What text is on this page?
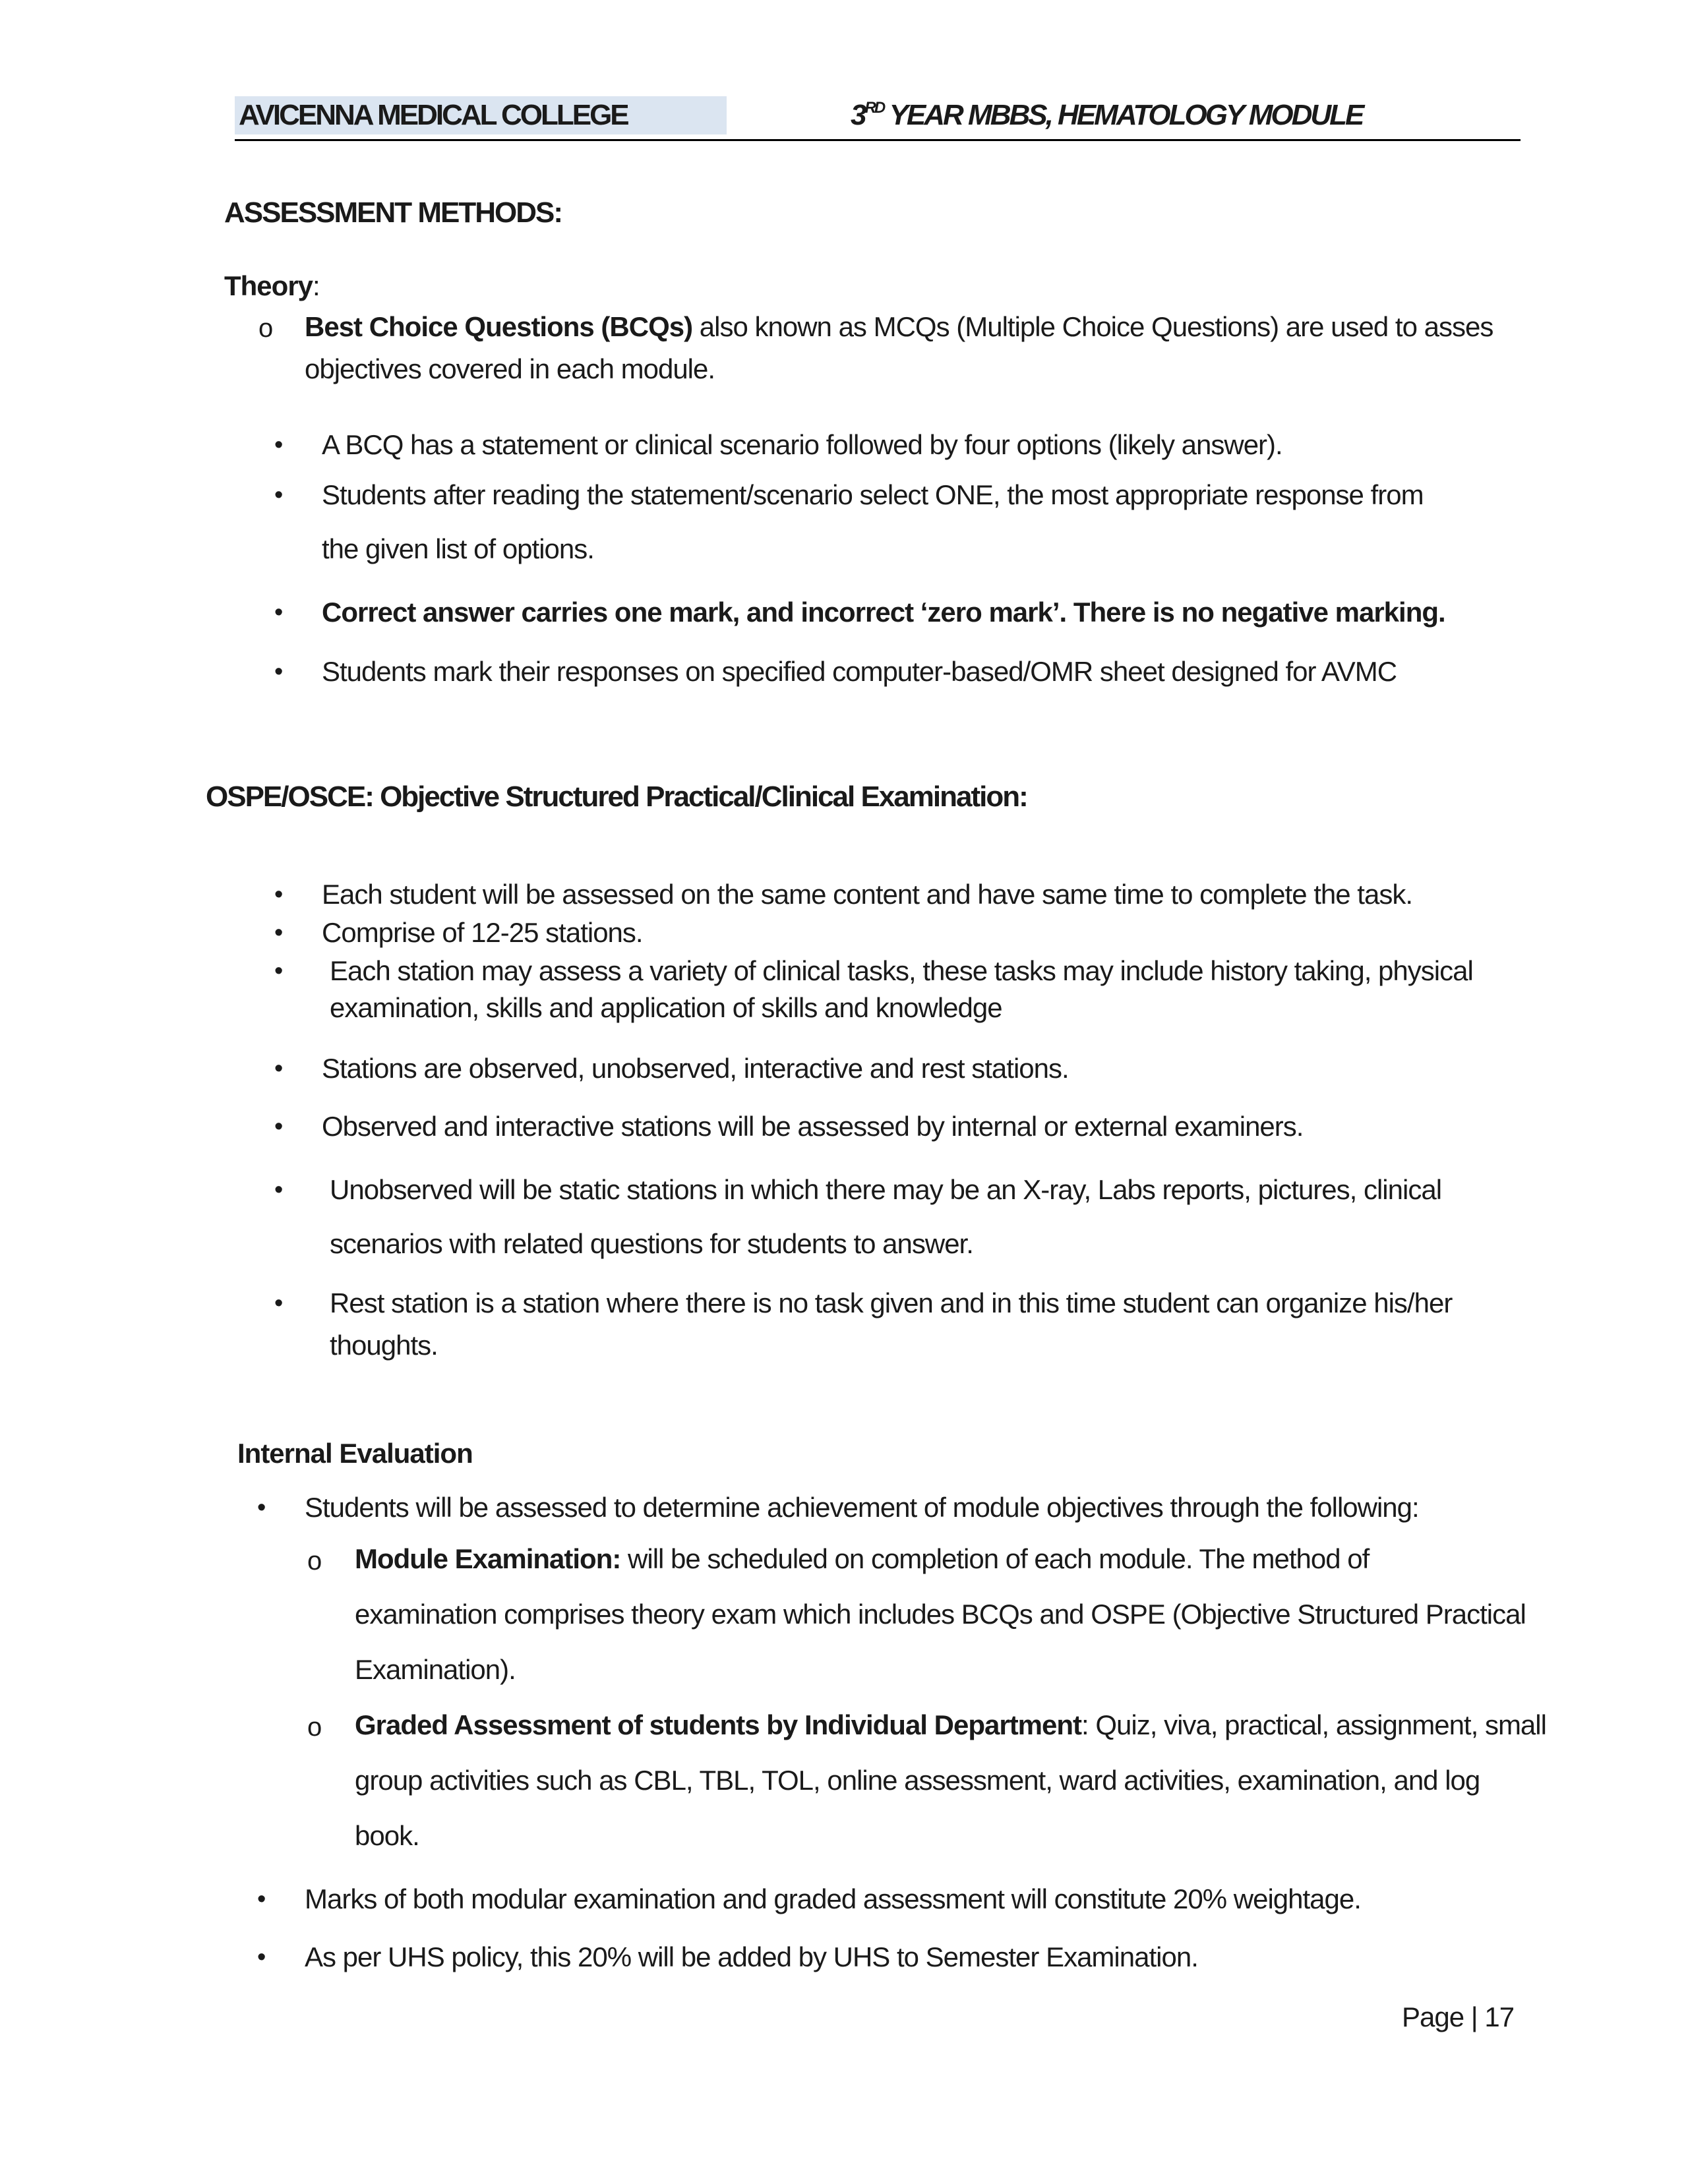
AVICENNA MEDICAL COLLEGE	3RD YEAR MBBS, HEMATOLOGY MODULE
ASSESSMENT METHODS:
Theory:
o Best Choice Questions (BCQs) also known as MCQs (Multiple Choice Questions) are used to asses
objectives covered in each module.
• A BCQ has a statement or clinical scenario followed by four options (likely answer).
• Students after reading the statement/scenario select ONE, the most appropriate response from
the given list of options.
• Correct answer carries one mark, and incorrect ‘zero mark’. There is no negative marking.
• Students mark their responses on specified computer-based/OMR sheet designed for AVMC
OSPE/OSCE: Objective Structured Practical/Clinical Examination:
• Each student will be assessed on the same content and have same time to complete the task.
• Comprise of 12-25 stations.
• Each station may assess a variety of clinical tasks, these tasks may include history taking, physical
examination, skills and application of skills and knowledge
• Stations are observed, unobserved, interactive and rest stations.
• Observed and interactive stations will be assessed by internal or external examiners.
• Unobserved will be static stations in which there may be an X-ray, Labs reports, pictures, clinical
scenarios with related questions for students to answer.
• Rest station is a station where there is no task given and in this time student can organize his/her
thoughts.
Internal Evaluation
• Students will be assessed to determine achievement of module objectives through the following:
o Module Examination: will be scheduled on completion of each module. The method of
examination comprises theory exam which includes BCQs and OSPE (Objective Structured Practical
Examination).
o Graded Assessment of students by Individual Department: Quiz, viva, practical, assignment, small
group activities such as CBL, TBL, TOL, online assessment, ward activities, examination, and log
book.
• Marks of both modular examination and graded assessment will constitute 20% weightage.
• As per UHS policy, this 20% will be added by UHS to Semester Examination.
Page | 17
